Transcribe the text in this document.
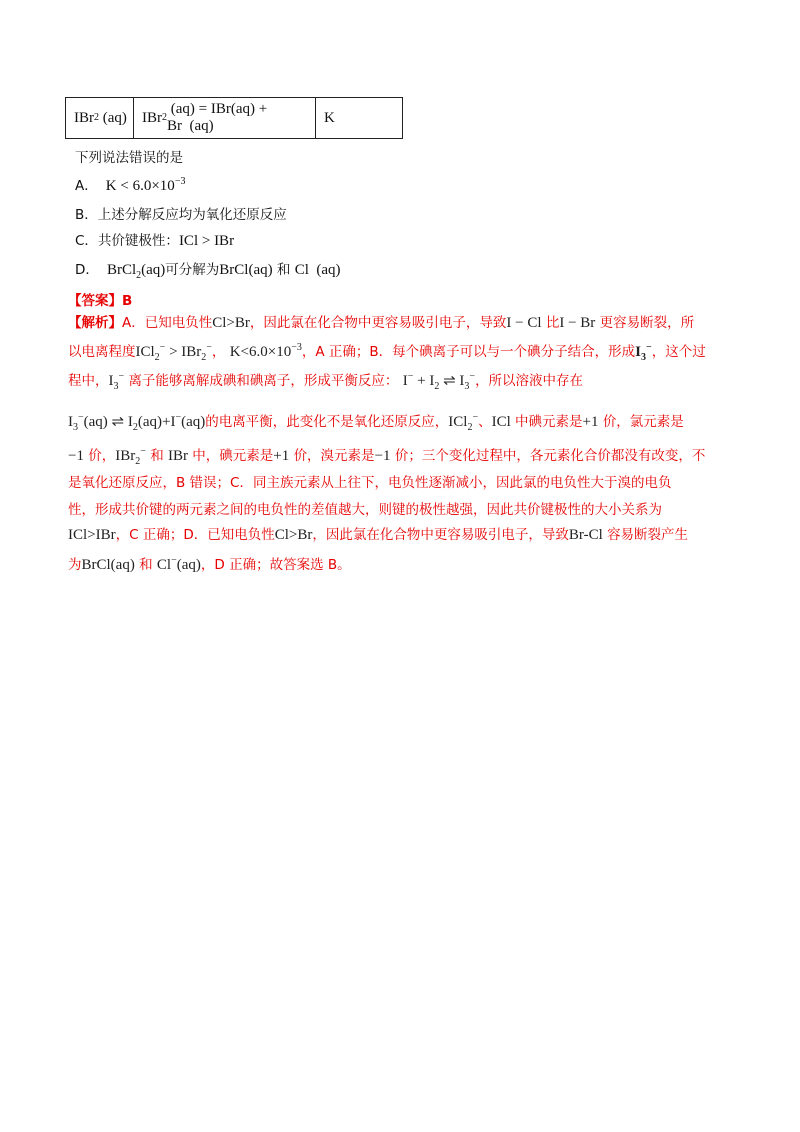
IBr 2 (aq)	IBr 2
(aq) = IBr(aq) + Br  (aq)
K
下列说法错误的是
A．  $K < 6.0\times 10^{-3}$
B．上述分解反应均为氧化还原反应
C．共价键极性：ICl > IBr
D．  BrCl$_2$(aq)可分解为BrCl(aq) 和 Cl  (aq)
【答案】B
【解析】A．已知电负性Cl>Br，因此氯在化合物中更容易吸引电子，导致I − Cl 比I − Br 更容易断裂，所
以电离程度ICl$_2$− > IBr$_2$−， $K<6.0\times 10^{-3}$，A 正确；B．每个碘离子可以与一个碘分子结合，形成$I_3^-$，这个过
程中，$I_3^-$ 离子能够离解成碘和碘离子，形成平衡反应： $I^- + I_2$ ⇌ $I_3^-$，所以溶液中存在
$I_3^-(aq)$ ⇌ $I_2(aq)+I^-(aq)$的电离平衡，此变化不是氧化还原反应，ICl$_2$−、ICl 中碘元素是+1 价，氯元素是
−1 价，IBr$_2$− 和 IBr 中，碘元素是+1 价，溴元素是−1 价；三个变化过程中，各元素化合价都没有改变，不
是氧化还原反应，B 错误；C．同主族元素从上往下，电负性逐渐减小，因此氯的电负性大于溴的电负
性，形成共价键的两元素之间的电负性的差值越大，则键的极性越强，因此共价键极性的大小关系为
ICl>IBr，C 正确；D．已知电负性Cl>Br，因此氯在化合物中更容易吸引电子，导致Br-Cl 容易断裂产生
为BrCl(aq) 和 Cl−(aq)，D 正确；故答案选 B。
